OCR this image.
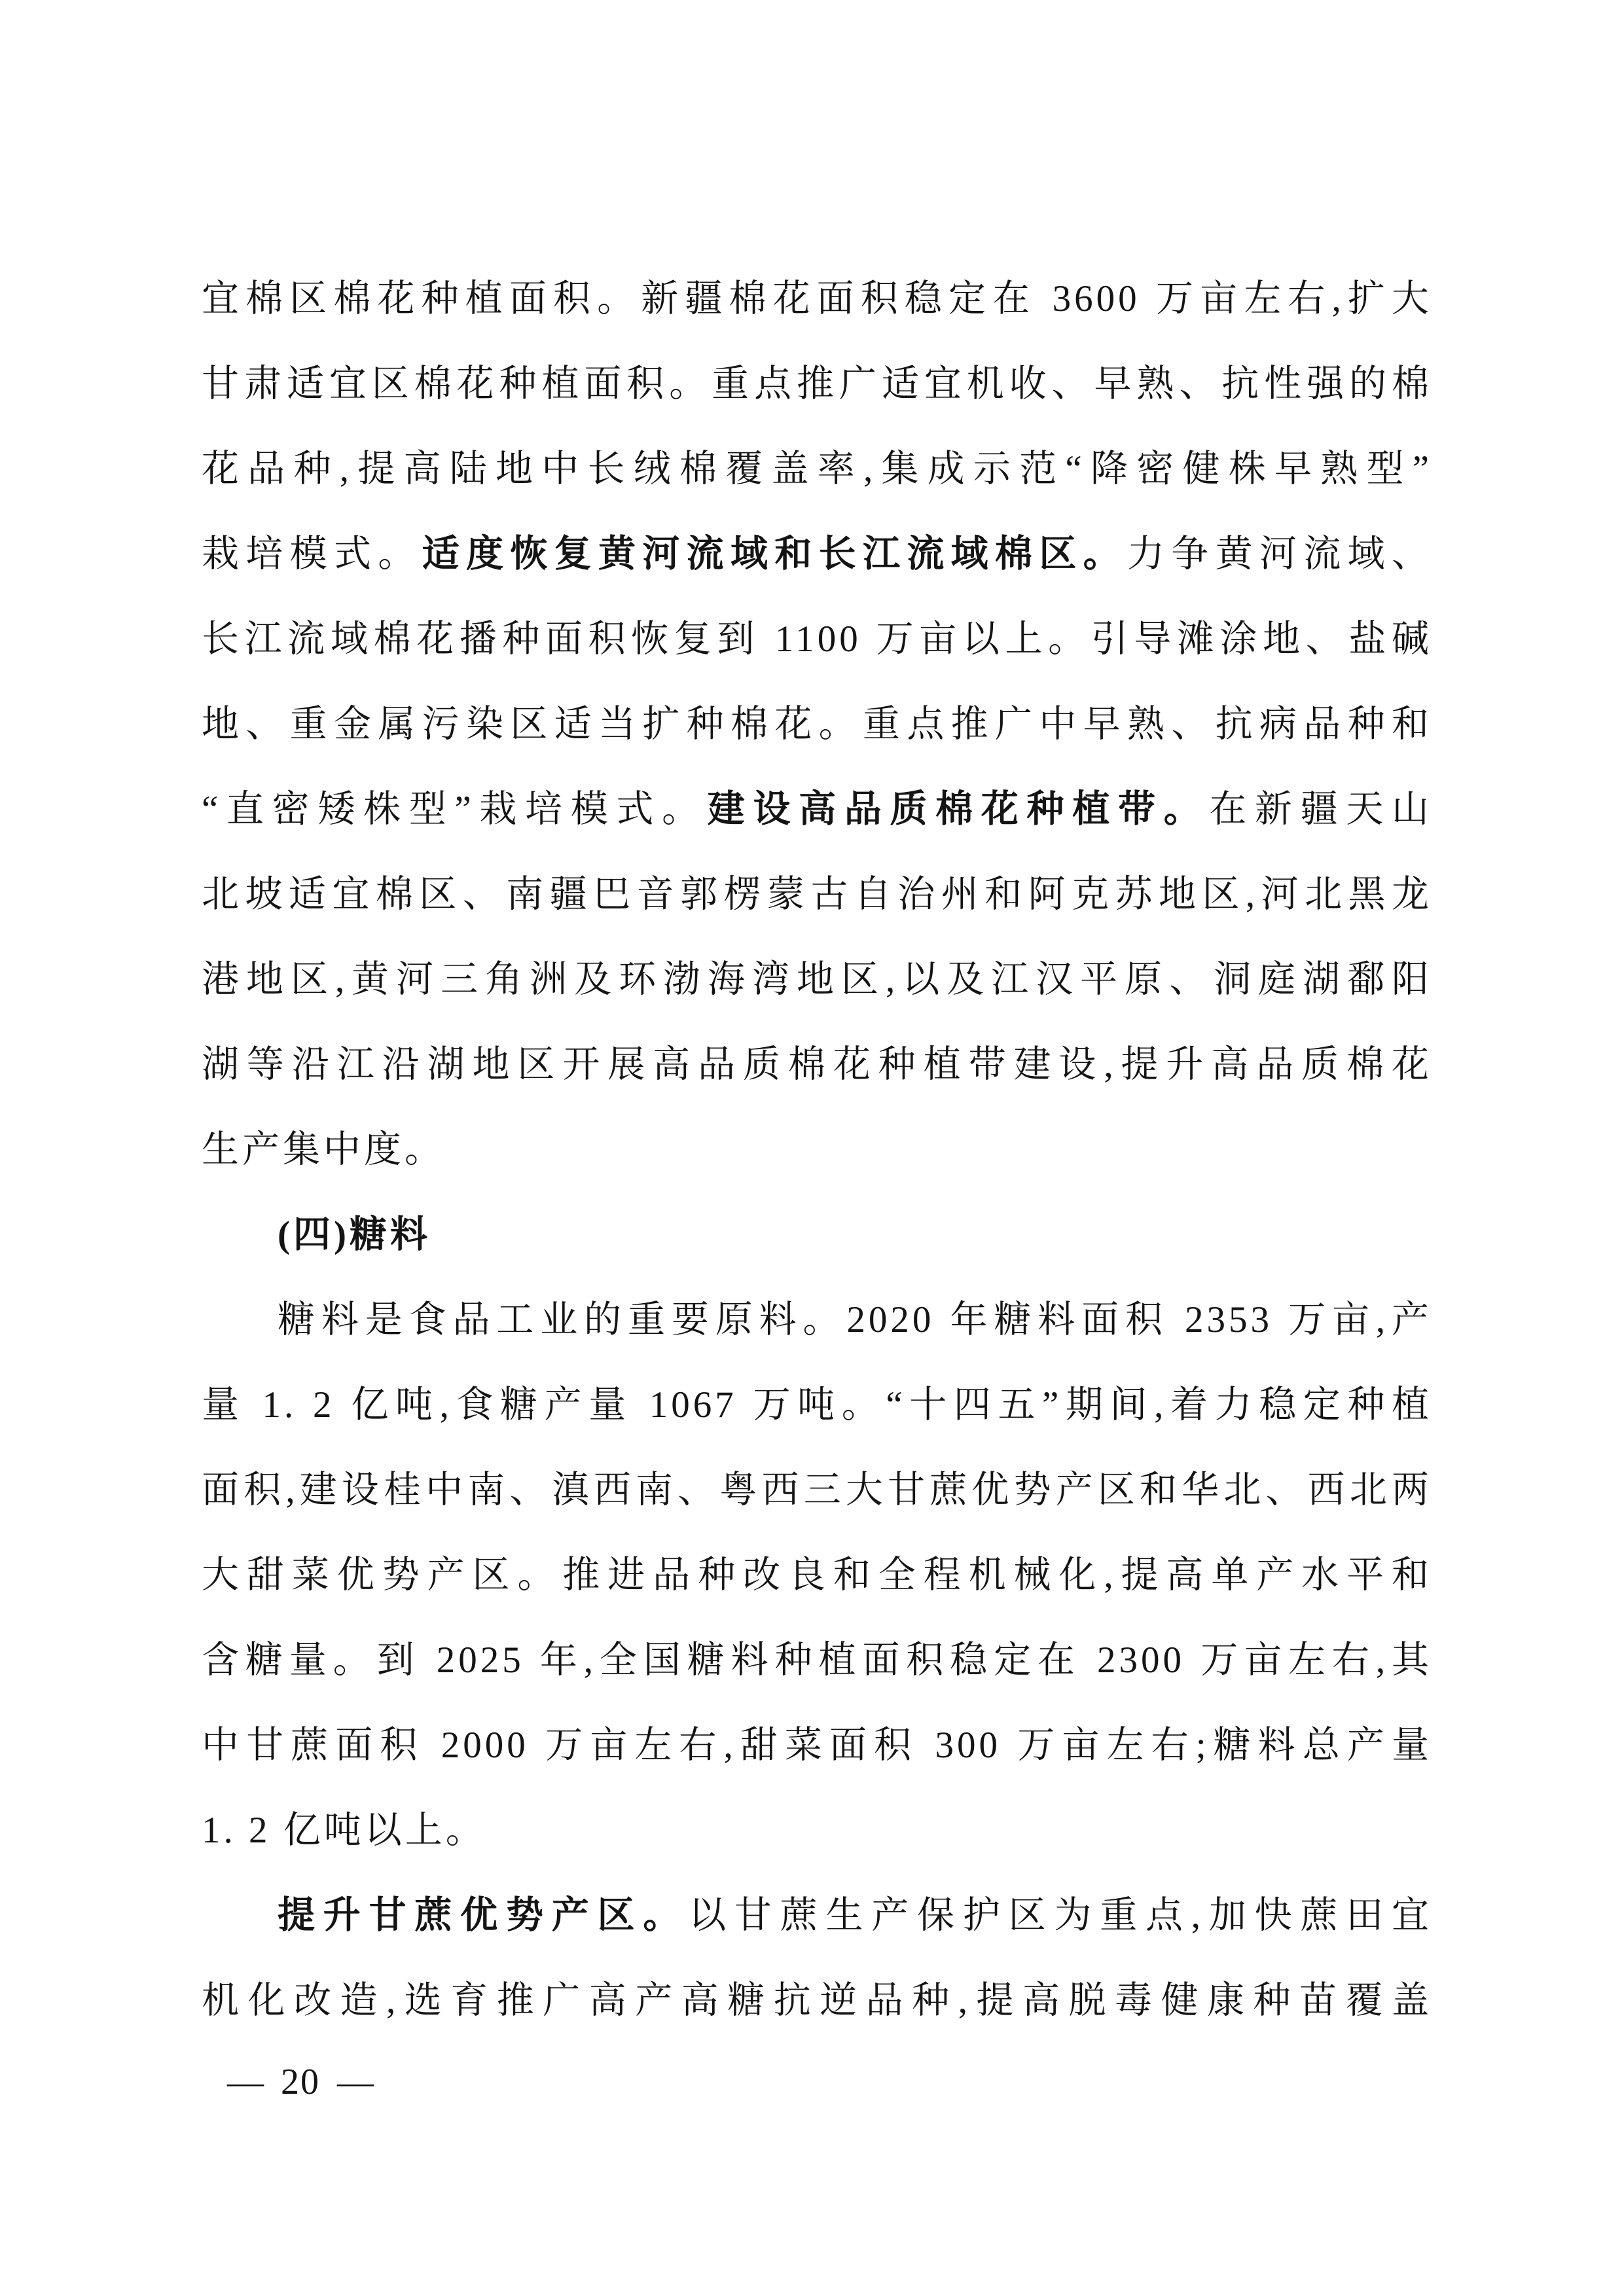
宜棉区棉花种植面积。新疆棉花面积稳定在 3600 万亩左右,扩大
甘肃适宜区棉花种植面积。重点推广适宜机收、早熟、抗性强的棉
花品种,提高陆地中长绒棉覆盖率,集成示范“降密健株早熟型”
栽培模式。适度恢复黄河流域和长江流域棉区。力争黄河流域、
长江流域棉花播种面积恢复到 1100 万亩以上。引导滩涂地、盐碱
地、重金属污染区适当扩种棉花。重点推广中早熟、抗病品种和
“直密矮株型”栽培模式。建设高品质棉花种植带。在新疆天山
北坡适宜棉区、南疆巴音郭楞蒙古自治州和阿克苏地区,河北黑龙
港地区,黄河三角洲及环渤海湾地区,以及江汉平原、洞庭湖鄱阳
湖等沿江沿湖地区开展高品质棉花种植带建设,提升高品质棉花
生产集中度。
(四)糖料
糖料是食品工业的重要原料。2020 年糖料面积 2353 万亩,产
量 1. 2 亿吨,食糖产量 1067 万吨。“十四五”期间,着力稳定种植
面积,建设桂中南、滇西南、粤西三大甘蔗优势产区和华北、西北两
大甜菜优势产区。推进品种改良和全程机械化,提高单产水平和
含糖量。到 2025 年,全国糖料种植面积稳定在 2300 万亩左右,其
中甘蔗面积 2000 万亩左右,甜菜面积 300 万亩左右;糖料总产量
1. 2 亿吨以上。
提升甘蔗优势产区。以甘蔗生产保护区为重点,加快蔗田宜
机化改造,选育推广高产高糖抗逆品种,提高脱毒健康种苗覆盖
— 20 —
